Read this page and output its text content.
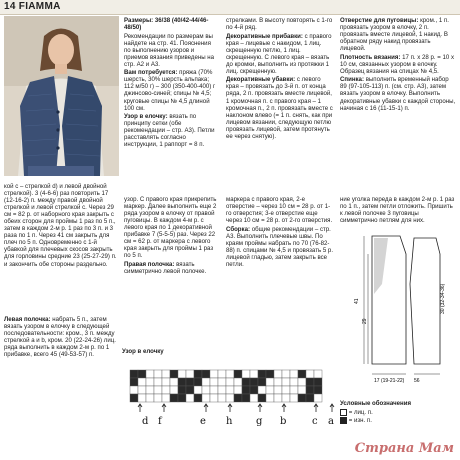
14 FIAMMA

Размеры: 36/38 (40/42-44/46-48/50)

Рекомендации по размерам вы найдете на стр. 41. Пояснения по выполнению узоров и приемов вязания приведены на стр. А2 и А3.

Вам потребуется: пряжа (70% шерсть, 30% шерсть альпака; 112 м/50 г) – 300 (350-400-400) г джинсово-синей; спицы № 4,5; круговые спицы № 4,5 длиной 100 см.

Узор в елочку: вязать по принципу сетки (обе рекомендации – стр. А3). Петли расставлять согласно инструкции, 1 раппорт = 8 п.

стрелками. В высоту повторять с 1-го по 4-й ряд.

Декоративные прибавки: с правого края – лицевые с накидом, 1 лиц. скрещенную петлю, 1 лиц. скрещенную. С левого края – вязать до кромки, выполнить из протяжки 1 лиц. скрещенную.

Декоративные убавки: с левого края – провязать до 3-й п. от конца ряда, 2 п. провязать вместе лицевой, 1 кромочная п. с правого края – 1 кромочная п., 2 п. провязать вместе с наклоном влево (= 1 п. снять, как при лицевом вязании, следующую петлю провязать лицевой, затем протянуть ее через снятую).

Отверстие для пуговицы: кром., 1 п. провязать узором в елочку, 2 п. провязать вместе лицевой, 1 накид. В обратном ряду накид провязать лицевой.

Плотность вязания: 17 п. x 28 р. = 10 x 10 см, связанных узором в елочку. Образец вязания на спицах № 4,5.

Спинка: выполнить временный набор 89 (97-105-113) п. (см. стр. А3), затем вязать узором в елочку. Выполнить декоративные убавки с каждой стороны, начиная с 16 (11-15-1) п.

кой с – стрелкой d) и левой двойной стрелкой). 3 (4-6-6) раз повторить 17 (12-16-2) п. между правой двойной стрелкой и левой стрелкой c. Через 29 см = 82 р. от наборного края закрыть с обеих сторон для проймы 1 раз по 5 п., затем в каждом 2-м р. 1 раз по 3 п. и 3 раза по 1 п. Через 41 см закрыть для плеч по 5 п. Одновременно с 1-й убавкой для плечевых скосов закрыть для горловины средние 23 (25-27-29) п. и закончить обе стороны раздельно.

узор. С правого края прикрепить маркер. Далее выполнить еще 2 ряда узором в елочку от правой пуговицы. В каждом 4-м р. с левого края по 1 декоративной прибавке 7 (5-5-5) раз. Через 22 см = 62 р. от маркера с левого края закрыть для проймы 1 раз по 5 п.

Правая полочка: вязать симметрично левой полочке.

маркера с правого края, 2-е отверстие – через 10 см = 28 р. от 1-го отверстия; 3-е отверстие еще через 10 см = 28 р. от 2-го отверстия.

Сборка: общие рекомендации – стр. А3. Выполнить плечевые швы. По краям проймы набрать по 70 (76-82-88) п. спицами № 4,5 и провязать 5 р. лицевой гладью, затем закрыть все петли.

ние уголка переда в каждом 2-м р. 1 раз по 1 п., затем петли отложить. Пришить к левой полочке 3 пуговицы симметрично петлям для них.

Левая полочка: набрать 5 п., затем вязать узором в елочку в следующей последовательности: кром., 3 п. между стрелкой a и b, кром. 20 (22-24-26) лиц. ряда выполнить в каждом 2-м р. по 1 прибавке, всего 45 (49-53-57) п.	Узор в елочку
d f	e h g b	c a
41
29
17 (19-21-22) 56
30 (32-34-36)

Условные обозначения

= лиц. п.

= изн. п.

Страна Мам
